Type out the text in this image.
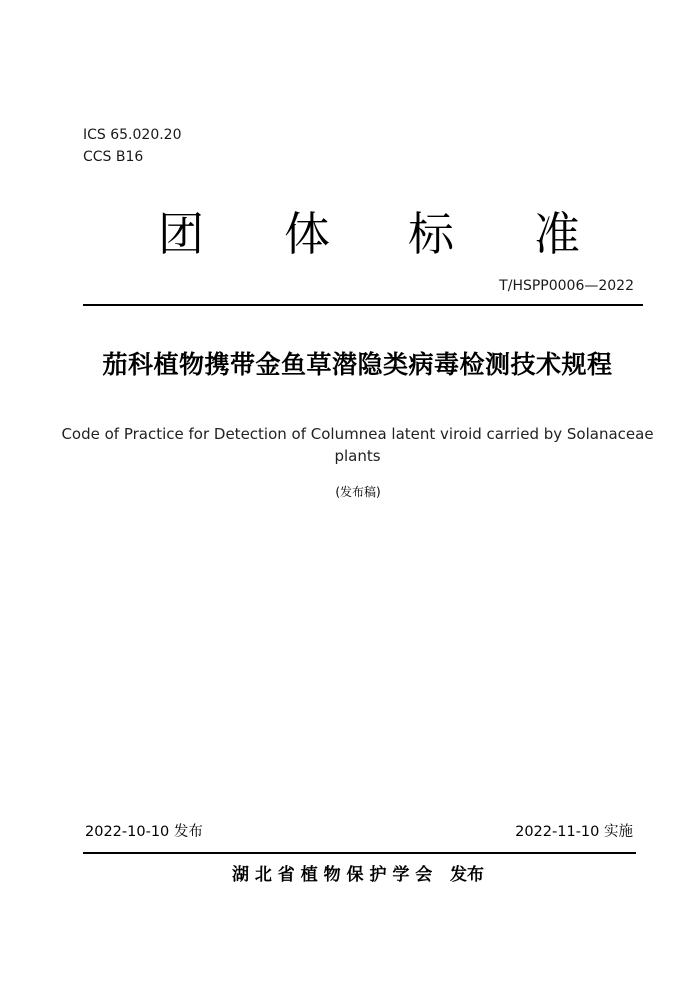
ICS 65.020.20
CCS B16
团 体 标 准
T/HSPP0006—2022
茄科植物携带金鱼草潜隐类病毒检测技术规程
Code of Practice for Detection of Columnea latent viroid carried by Solanaceae plants
(发布稿)
2022-10-10 发布	2022-11-10 实施
湖 北 省 植 物 保 护 学 会   发布
